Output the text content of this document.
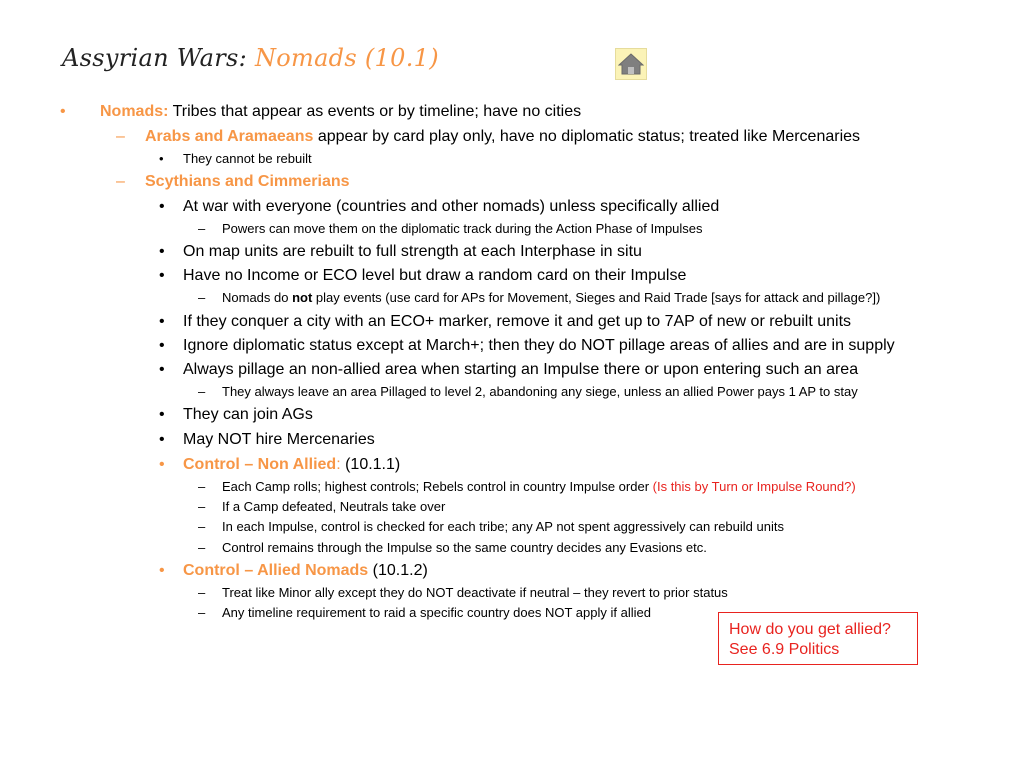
Assyrian Wars: Nomads (10.1)
• Nomads: Tribes that appear as events or by timeline; have no cities
– Arabs and Aramaeans appear by card play only, have no diplomatic status; treated like Mercenaries
• They cannot be rebuilt
– Scythians and Cimmerians
• At war with everyone (countries and other nomads) unless specifically allied
– Powers can move them on the diplomatic track during the Action Phase of Impulses
• On map units are rebuilt to full strength at each Interphase in situ
• Have no Income or ECO level but draw a random card on their Impulse
– Nomads do not play events (use card for APs for Movement, Sieges and Raid Trade [says for attack and pillage?])
• If they conquer a city with an ECO+ marker, remove it and get up to 7AP of new or rebuilt units
• Ignore diplomatic status except at March+; then they do NOT pillage areas of allies and are in supply
• Always pillage an non-allied area when starting an Impulse there or upon entering such an area
– They always leave an area Pillaged to level 2, abandoning any siege, unless an allied Power pays 1 AP to stay
• They can join AGs
• May NOT hire Mercenaries
• Control – Non Allied: (10.1.1)
– Each Camp rolls; highest controls; Rebels control in country Impulse order (Is this by Turn or Impulse Round?)
– If a Camp defeated, Neutrals take over
– In each Impulse, control is checked for each tribe; any AP not spent aggressively can rebuild units
– Control remains through the Impulse so the same country decides any Evasions etc.
• Control – Allied Nomads (10.1.2)
– Treat like Minor ally except they do NOT deactivate if neutral – they revert to prior status
– Any timeline requirement to raid a specific country does NOT apply if allied
How do you get allied?
See 6.9 Politics
